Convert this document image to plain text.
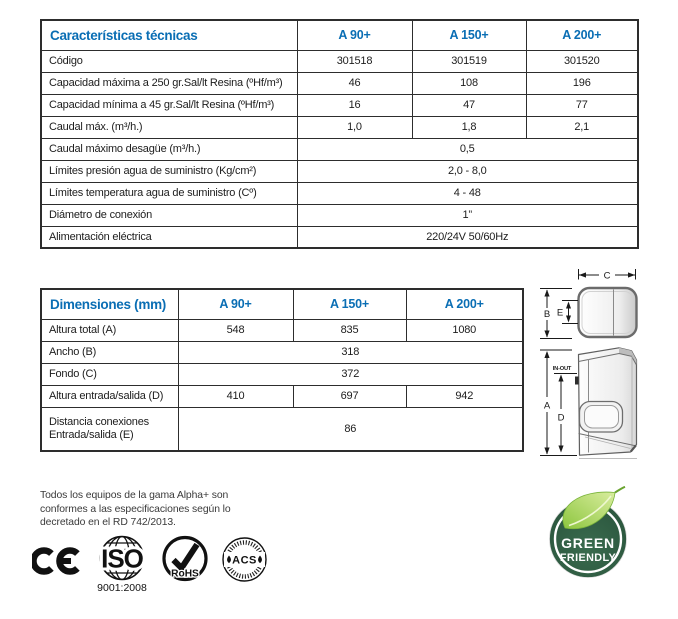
Características técnicas	A 90+	A 150+	A 200+
Código	301518	301519	301520
Capacidad máxima a 250 gr.Sal/lt Resina (ºHf/m³)	46	108	196
Capacidad mínima a 45 gr.Sal/lt Resina (ºHf/m³)	16	47	77
Caudal máx. (m³/h.)	1,0	1,8	2,1
Caudal máximo desagüe (m³/h.)	0,5		
Límites presión agua de suministro (Kg/cm²)	2,0 - 8,0		
Límites temperatura agua de suministro (Cº)	4 - 48		
Diámetro de conexión	1”		
Alimentación eléctrica	220/24V 50/60Hz		
Dimensiones (mm)	A 90+	A 150+	A 200+
Altura total (A)	548	835	1080
Ancho (B)	318		
Fondo (C)	372		
Altura entrada/salida (D)	410	697	942
Distancia conexiones Entrada/salida (E)	86		
C
B E
A
IN-OUT
D
Todos los equipos de la gama Alpha+ son
conformes a las especificaciones según lo
decretado en el RD 742/2013.
ISO
9001:2008
RoHS
ACS
GREEN
FRIENDLY
